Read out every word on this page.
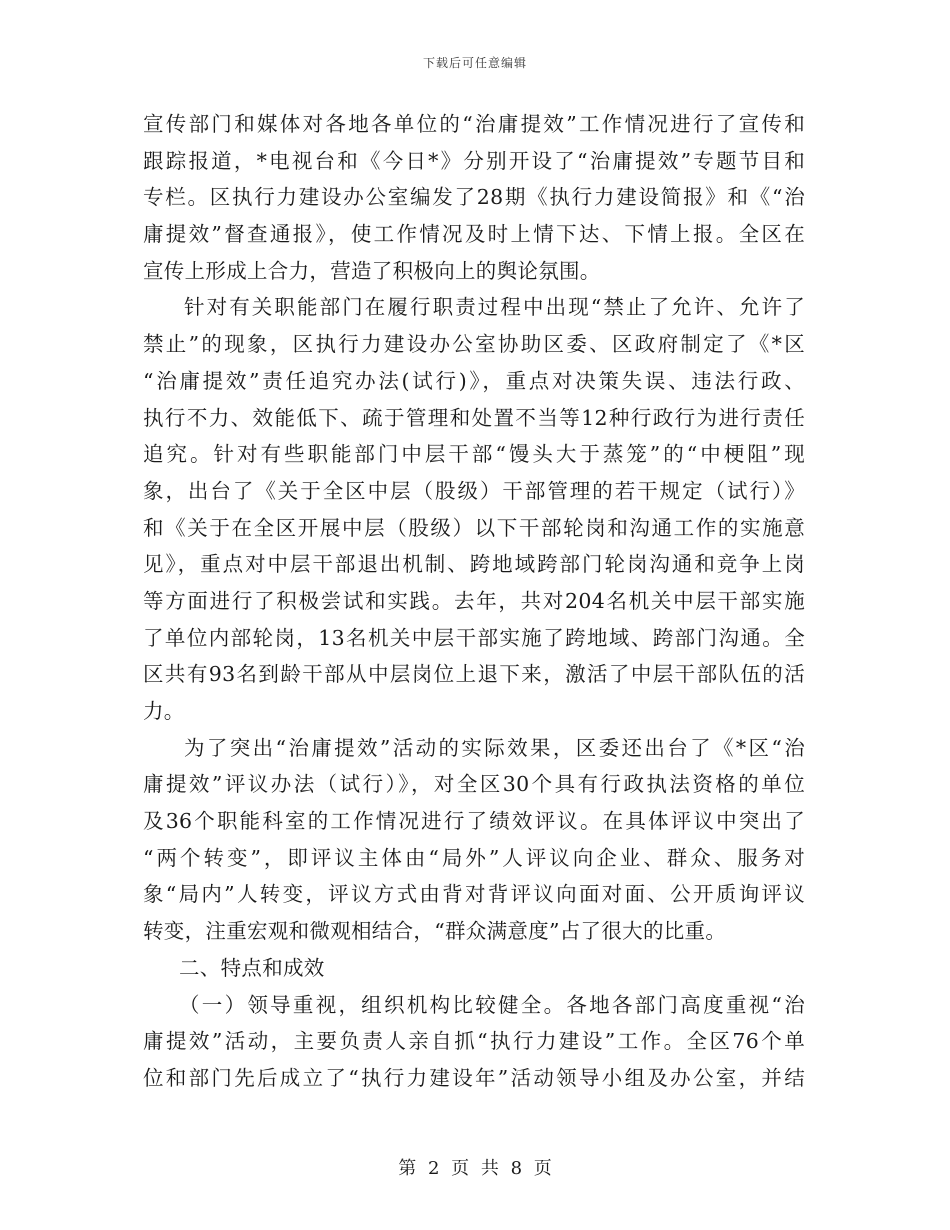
下载后可任意编辑
宣传部门和媒体对各地各单位的“治庸提效”工作情况进行了宣传和
跟踪报道，*电视台和《今日*》分别开设了“治庸提效”专题节目和
专栏。区执行力建设办公室编发了28期《执行力建设简报》和《“治
庸提效”督查通报》，使工作情况及时上情下达、下情上报。全区在
宣传上形成上合力，营造了积极向上的舆论氛围。
针对有关职能部门在履行职责过程中出现“禁止了允许、允许了
禁止”的现象，区执行力建设办公室协助区委、区政府制定了《*区
“治庸提效”责任追究办法(试行)》，重点对决策失误、违法行政、
执行不力、效能低下、疏于管理和处置不当等12种行政行为进行责任
追究。针对有些职能部门中层干部“馒头大于蒸笼”的“中梗阻”现
象，出台了《关于全区中层（股级）干部管理的若干规定（试行）》
和《关于在全区开展中层（股级）以下干部轮岗和沟通工作的实施意
见》，重点对中层干部退出机制、跨地域跨部门轮岗沟通和竞争上岗
等方面进行了积极尝试和实践。去年，共对204名机关中层干部实施
了单位内部轮岗，13名机关中层干部实施了跨地域、跨部门沟通。全
区共有93名到龄干部从中层岗位上退下来，激活了中层干部队伍的活
力。
为了突出“治庸提效”活动的实际效果，区委还出台了《*区“治
庸提效”评议办法（试行）》，对全区30个具有行政执法资格的单位
及36个职能科室的工作情况进行了绩效评议。在具体评议中突出了
“两个转变”，即评议主体由“局外”人评议向企业、群众、服务对
象“局内”人转变，评议方式由背对背评议向面对面、公开质询评议
转变，注重宏观和微观相结合，“群众满意度”占了很大的比重。
二、特点和成效
（一）领导重视，组织机构比较健全。各地各部门高度重视“治
庸提效”活动，主要负责人亲自抓“执行力建设”工作。全区76个单
位和部门先后成立了“执行力建设年”活动领导小组及办公室，并结
第 2 页 共 8 页
